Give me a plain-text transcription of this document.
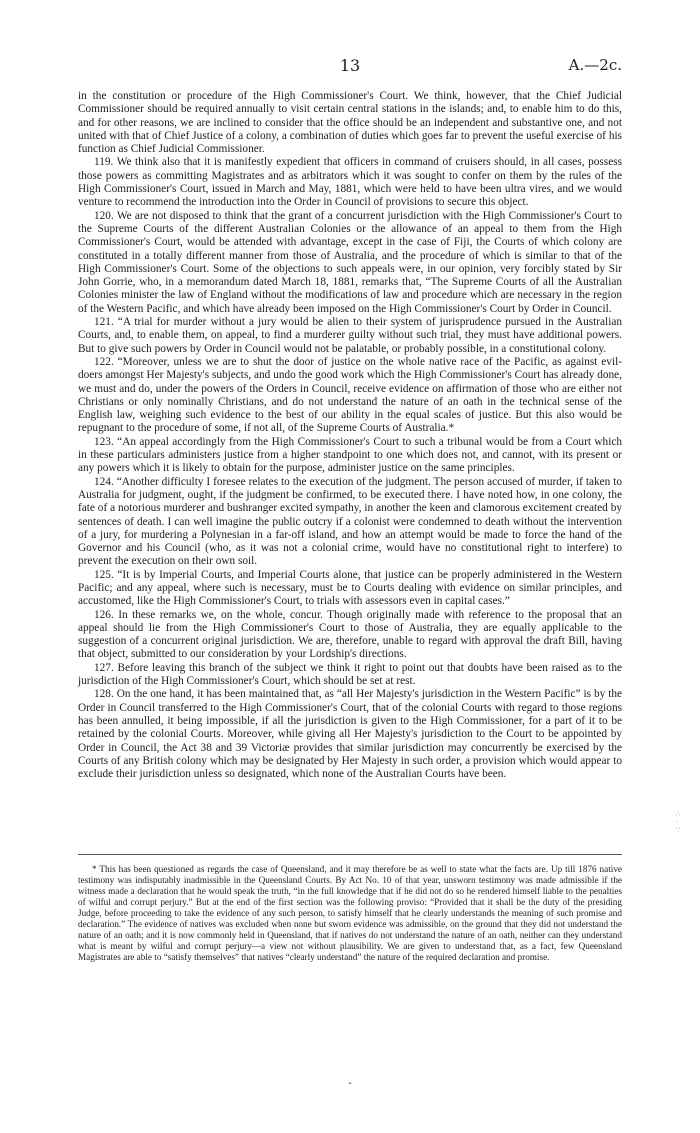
13	A.—2c.

in the constitution or procedure of the High Commissioner's Court. We think, however, that the Chief Judicial Commissioner should be required annually to visit certain central stations in the islands; and, to enable him to do this, and for other reasons, we are inclined to consider that the office should be an independent and substantive one, and not united with that of Chief Justice of a colony, a combination of duties which goes far to prevent the useful exercise of his function as Chief Judicial Commissioner.

119. We think also that it is manifestly expedient that officers in command of cruisers should, in all cases, possess those powers as committing Magistrates and as arbitrators which it was sought to confer on them by the rules of the High Commissioner's Court, issued in March and May, 1881, which were held to have been ultra vires, and we would venture to recommend the introduction into the Order in Council of provisions to secure this object.

120. We are not disposed to think that the grant of a concurrent jurisdiction with the High Commissioner's Court to the Supreme Courts of the different Australian Colonies or the allowance of an appeal to them from the High Commissioner's Court, would be attended with advantage, except in the case of Fiji, the Courts of which colony are constituted in a totally different manner from those of Australia, and the procedure of which is similar to that of the High Commissioner's Court. Some of the objections to such appeals were, in our opinion, very forcibly stated by Sir John Gorrie, who, in a memorandum dated March 18, 1881, remarks that, “The Supreme Courts of all the Australian Colonies minister the law of England without the modifications of law and procedure which are necessary in the region of the Western Pacific, and which have already been imposed on the High Commissioner's Court by Order in Council.

121. “A trial for murder without a jury would be alien to their system of jurisprudence pursued in the Australian Courts, and, to enable them, on appeal, to find a murderer guilty without such trial, they must have additional powers. But to give such powers by Order in Council would not be palatable, or probably possible, in a constitutional colony.

122. “Moreover, unless we are to shut the door of justice on the whole native race of the Pacific, as against evil-doers amongst Her Majesty's subjects, and undo the good work which the High Commissioner's Court has already done, we must and do, under the powers of the Orders in Council, receive evidence on affirmation of those who are either not Christians or only nominally Christians, and do not understand the nature of an oath in the technical sense of the English law, weighing such evidence to the best of our ability in the equal scales of justice. But this also would be repugnant to the procedure of some, if not all, of the Supreme Courts of Australia.*

123. “An appeal accordingly from the High Commissioner's Court to such a tribunal would be from a Court which in these particulars administers justice from a higher standpoint to one which does not, and cannot, with its present or any powers which it is likely to obtain for the purpose, administer justice on the same principles.

124. “Another difficulty I foresee relates to the execution of the judgment. The person accused of murder, if taken to Australia for judgment, ought, if the judgment be confirmed, to be executed there. I have noted how, in one colony, the fate of a notorious murderer and bushranger excited sympathy, in another the keen and clamorous excitement created by sentences of death. I can well imagine the public outcry if a colonist were condemned to death without the intervention of a jury, for murdering a Polynesian in a far-off island, and how an attempt would be made to force the hand of the Governor and his Council (who, as it was not a colonial crime, would have no constitutional right to interfere) to prevent the execution on their own soil.

125. “It is by Imperial Courts, and Imperial Courts alone, that justice can be properly administered in the Western Pacific; and any appeal, where such is necessary, must be to Courts dealing with evidence on similar principles, and accustomed, like the High Commissioner's Court, to trials with assessors even in capital cases.”

126. In these remarks we, on the whole, concur. Though originally made with reference to the proposal that an appeal should lie from the High Commissioner's Court to those of Australia, they are equally applicable to the suggestion of a concurrent original jurisdiction. We are, therefore, unable to regard with approval the draft Bill, having that object, submitted to our consideration by your Lordship's directions.

127. Before leaving this branch of the subject we think it right to point out that doubts have been raised as to the jurisdiction of the High Commissioner's Court, which should be set at rest.

128. On the one hand, it has been maintained that, as “all Her Majesty's jurisdiction in the Western Pacific” is by the Order in Council transferred to the High Commissioner's Court, that of the colonial Courts with regard to those regions has been annulled, it being impossible, if all the jurisdiction is given to the High Commissioner, for a part of it to be retained by the colonial Courts. Moreover, while giving all Her Majesty's jurisdiction to the Court to be appointed by Order in Council, the Act 38 and 39 Victoriæ provides that similar jurisdiction may concurrently be exercised by the Courts of any British colony which may be designated by Her Majesty in such order, a provision which would appear to exclude their jurisdiction unless so designated, which none of the Australian Courts have been.

* This has been questioned as regards the case of Queensland, and it may therefore be as well to state what the facts are. Up till 1876 native testimony was indisputably inadmissible in the Queensland Courts. By Act No. 10 of that year, unsworn testimony was made admissible if the witness made a declaration that he would speak the truth, “in the full knowledge that if he did not do so he rendered himself liable to the penalties of wilful and corrupt perjury.” But at the end of the first section was the following proviso: “Provided that it shall be the duty of the presiding Judge, before proceeding to take the evidence of any such person, to satisfy himself that he clearly understands the meaning of such promise and declaration.” The evidence of natives was excluded when none but sworn evidence was admissible, on the ground that they did not understand the nature of an oath; and it is now commonly held in Queensland, that if natives do not understand the nature of an oath, neither can they understand what is meant by wilful and corrupt perjury—a view not without plausibility. We are given to understand that, as a fact, few Queensland Magistrates are able to “satisfy themselves” that natives “clearly understand” the nature of the required declaration and promise.

-
∴
·
∵
